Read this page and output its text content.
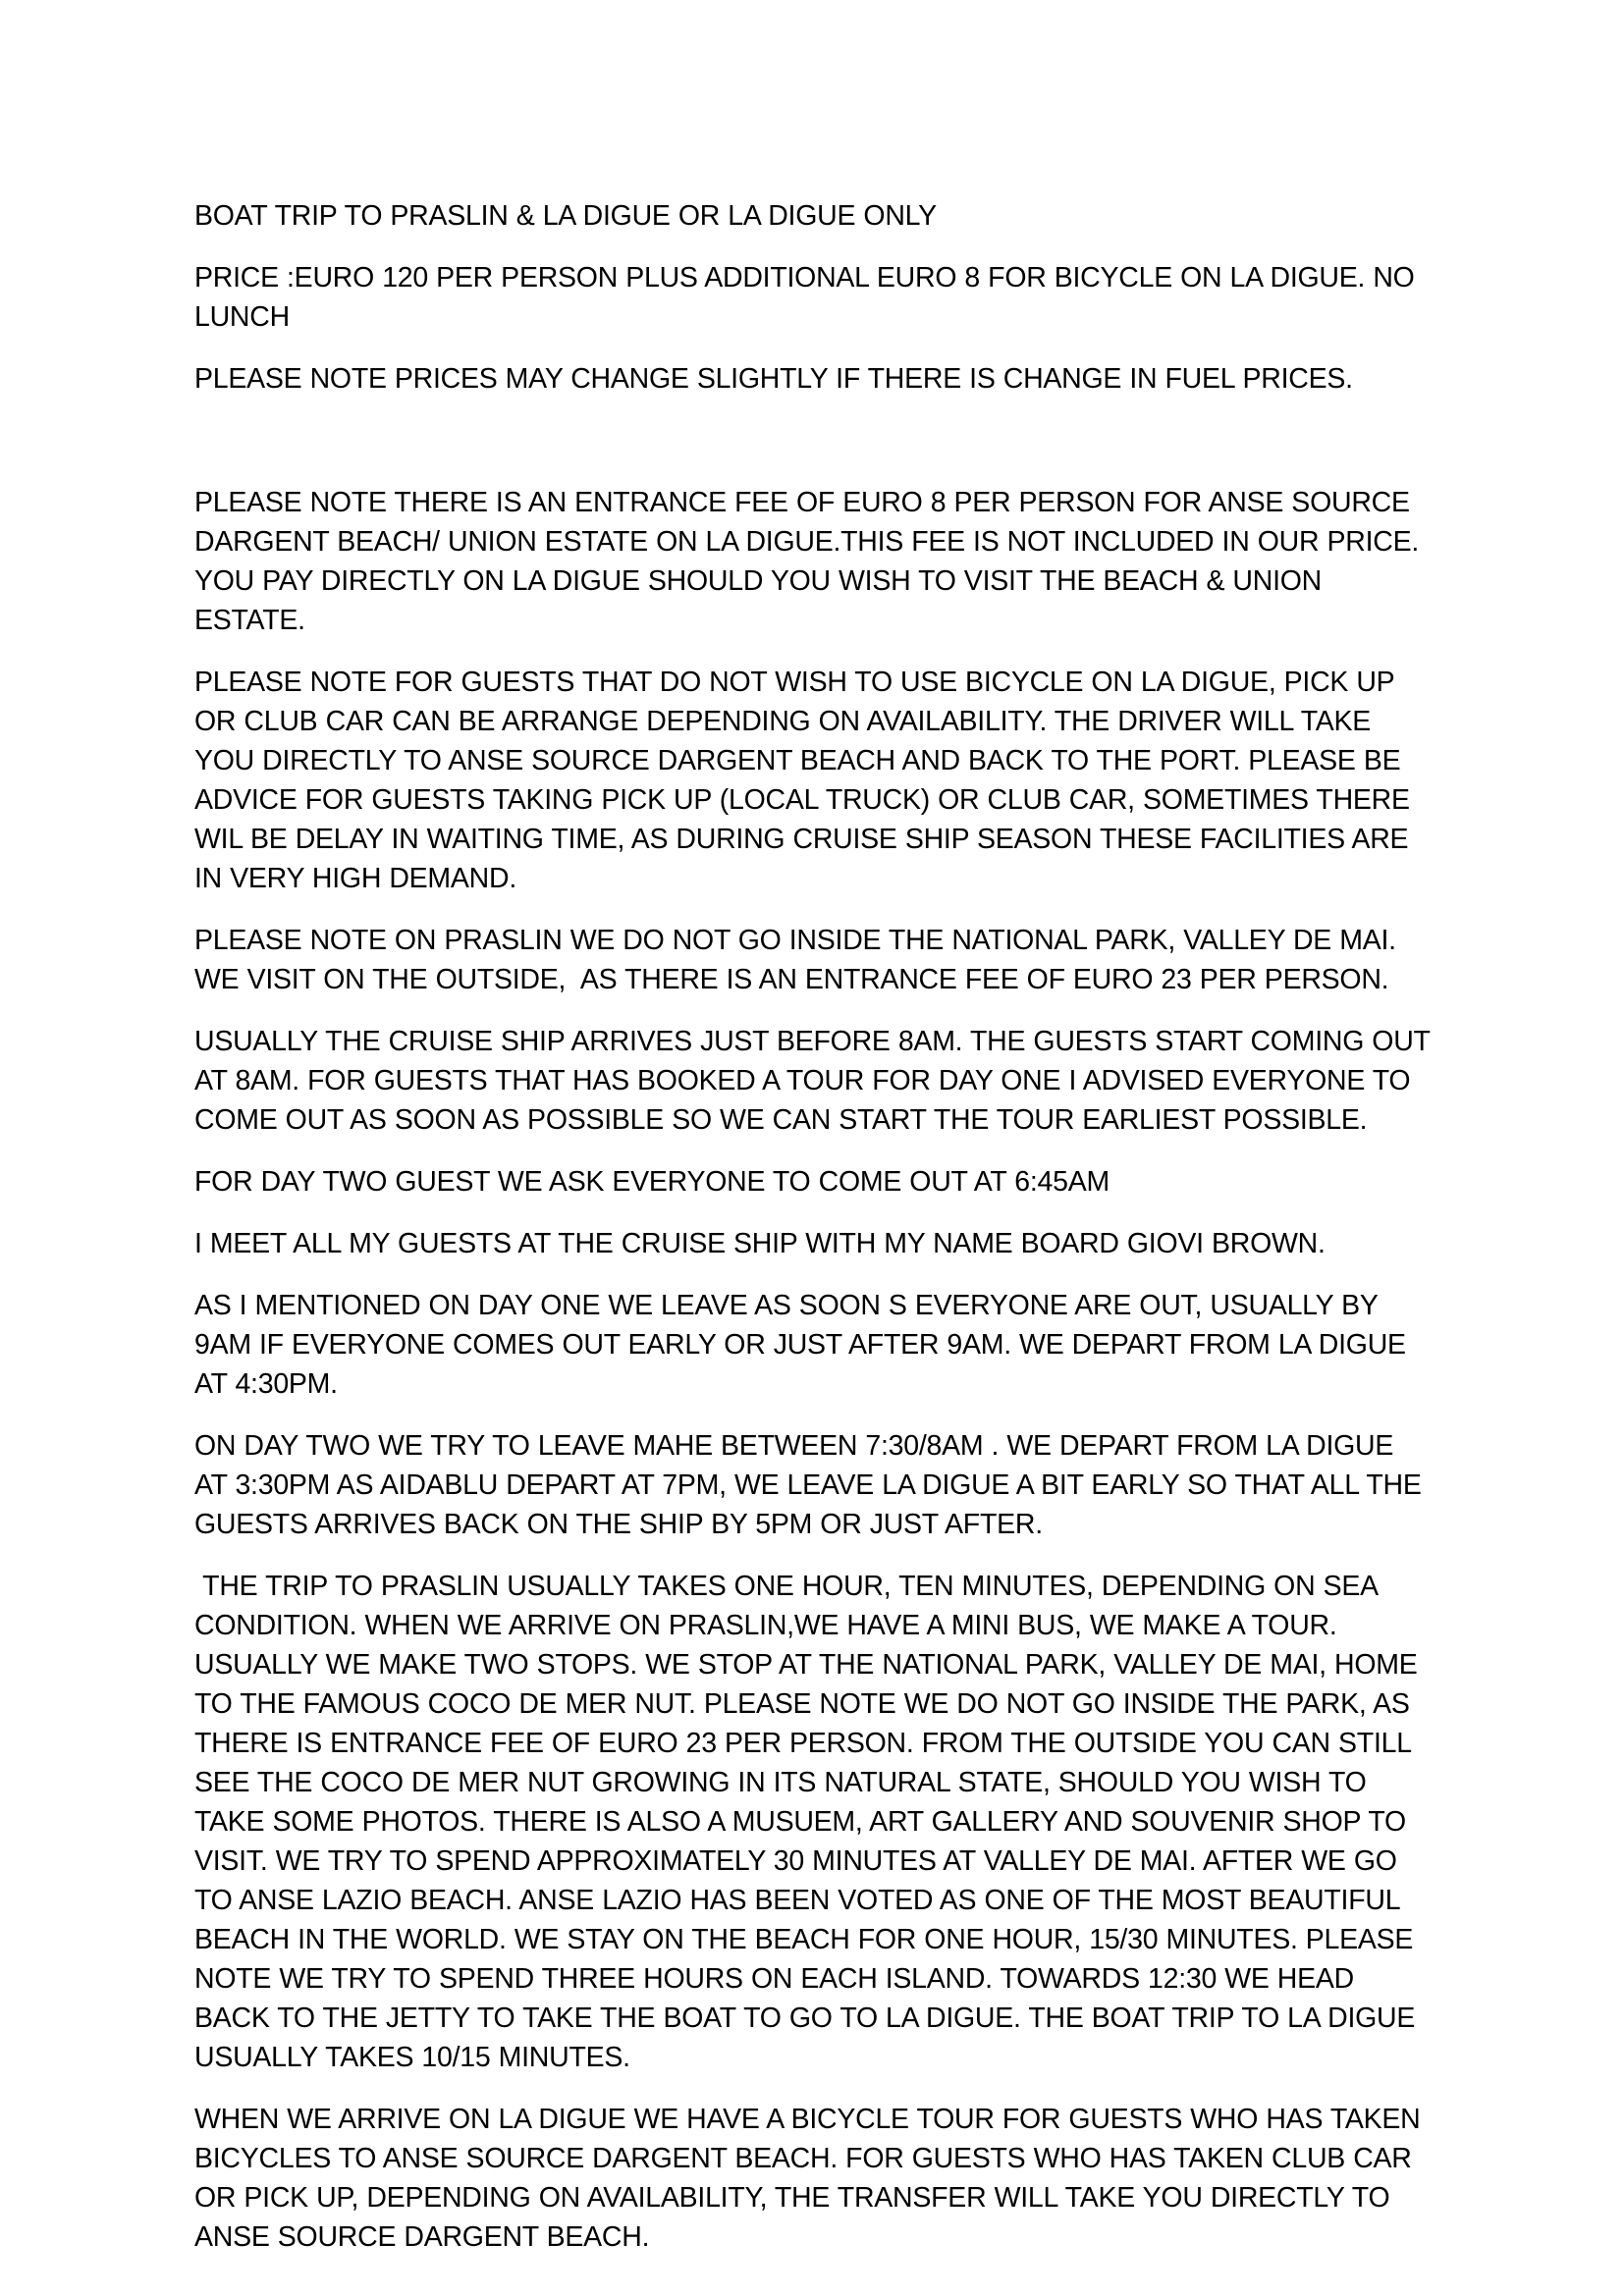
BOAT TRIP TO PRASLIN & LA DIGUE OR LA DIGUE ONLY

PRICE :EURO 120 PER PERSON PLUS ADDITIONAL EURO 8 FOR BICYCLE ON LA DIGUE. NO LUNCH

PLEASE NOTE PRICES MAY CHANGE SLIGHTLY IF THERE IS CHANGE IN FUEL PRICES.

PLEASE NOTE THERE IS AN ENTRANCE FEE OF EURO 8 PER PERSON FOR ANSE SOURCE DARGENT BEACH/ UNION ESTATE ON LA DIGUE.THIS FEE IS NOT INCLUDED IN OUR PRICE. YOU PAY DIRECTLY ON LA DIGUE SHOULD YOU WISH TO VISIT THE BEACH & UNION ESTATE.

PLEASE NOTE FOR GUESTS THAT DO NOT WISH TO USE BICYCLE ON LA DIGUE, PICK UP OR CLUB CAR CAN BE ARRANGE DEPENDING ON AVAILABILITY. THE DRIVER WILL TAKE YOU DIRECTLY TO ANSE SOURCE DARGENT BEACH AND BACK TO THE PORT. PLEASE BE ADVICE FOR GUESTS TAKING PICK UP (LOCAL TRUCK) OR CLUB CAR, SOMETIMES THERE WIL BE DELAY IN WAITING TIME, AS DURING CRUISE SHIP SEASON THESE FACILITIES ARE IN VERY HIGH DEMAND.

PLEASE NOTE ON PRASLIN WE DO NOT GO INSIDE THE NATIONAL PARK, VALLEY DE MAI. WE VISIT ON THE OUTSIDE,  AS THERE IS AN ENTRANCE FEE OF EURO 23 PER PERSON.

USUALLY THE CRUISE SHIP ARRIVES JUST BEFORE 8AM. THE GUESTS START COMING OUT AT 8AM. FOR GUESTS THAT HAS BOOKED A TOUR FOR DAY ONE I ADVISED EVERYONE TO COME OUT AS SOON AS POSSIBLE SO WE CAN START THE TOUR EARLIEST POSSIBLE.

FOR DAY TWO GUEST WE ASK EVERYONE TO COME OUT AT 6:45AM

I MEET ALL MY GUESTS AT THE CRUISE SHIP WITH MY NAME BOARD GIOVI BROWN.

AS I MENTIONED ON DAY ONE WE LEAVE AS SOON S EVERYONE ARE OUT, USUALLY BY 9AM IF EVERYONE COMES OUT EARLY OR JUST AFTER 9AM. WE DEPART FROM LA DIGUE AT 4:30PM.

ON DAY TWO WE TRY TO LEAVE MAHE BETWEEN 7:30/8AM . WE DEPART FROM LA DIGUE AT 3:30PM AS AIDABLU DEPART AT 7PM, WE LEAVE LA DIGUE A BIT EARLY SO THAT ALL THE GUESTS ARRIVES BACK ON THE SHIP BY 5PM OR JUST AFTER.

THE TRIP TO PRASLIN USUALLY TAKES ONE HOUR, TEN MINUTES, DEPENDING ON SEA CONDITION. WHEN WE ARRIVE ON PRASLIN,WE HAVE A MINI BUS, WE MAKE A TOUR. USUALLY WE MAKE TWO STOPS. WE STOP AT THE NATIONAL PARK, VALLEY DE MAI, HOME TO THE FAMOUS COCO DE MER NUT. PLEASE NOTE WE DO NOT GO INSIDE THE PARK, AS THERE IS ENTRANCE FEE OF EURO 23 PER PERSON. FROM THE OUTSIDE YOU CAN STILL SEE THE COCO DE MER NUT GROWING IN ITS NATURAL STATE, SHOULD YOU WISH TO TAKE SOME PHOTOS. THERE IS ALSO A MUSUEM, ART GALLERY AND SOUVENIR SHOP TO VISIT. WE TRY TO SPEND APPROXIMATELY 30 MINUTES AT VALLEY DE MAI. AFTER WE GO TO ANSE LAZIO BEACH. ANSE LAZIO HAS BEEN VOTED AS ONE OF THE MOST BEAUTIFUL BEACH IN THE WORLD. WE STAY ON THE BEACH FOR ONE HOUR, 15/30 MINUTES. PLEASE NOTE WE TRY TO SPEND THREE HOURS ON EACH ISLAND. TOWARDS 12:30 WE HEAD BACK TO THE JETTY TO TAKE THE BOAT TO GO TO LA DIGUE. THE BOAT TRIP TO LA DIGUE USUALLY TAKES 10/15 MINUTES.

WHEN WE ARRIVE ON LA DIGUE WE HAVE A BICYCLE TOUR FOR GUESTS WHO HAS TAKEN BICYCLES TO ANSE SOURCE DARGENT BEACH. FOR GUESTS WHO HAS TAKEN CLUB CAR OR PICK UP, DEPENDING ON AVAILABILITY, THE TRANSFER WILL TAKE YOU DIRECTLY TO ANSE SOURCE DARGENT BEACH.
